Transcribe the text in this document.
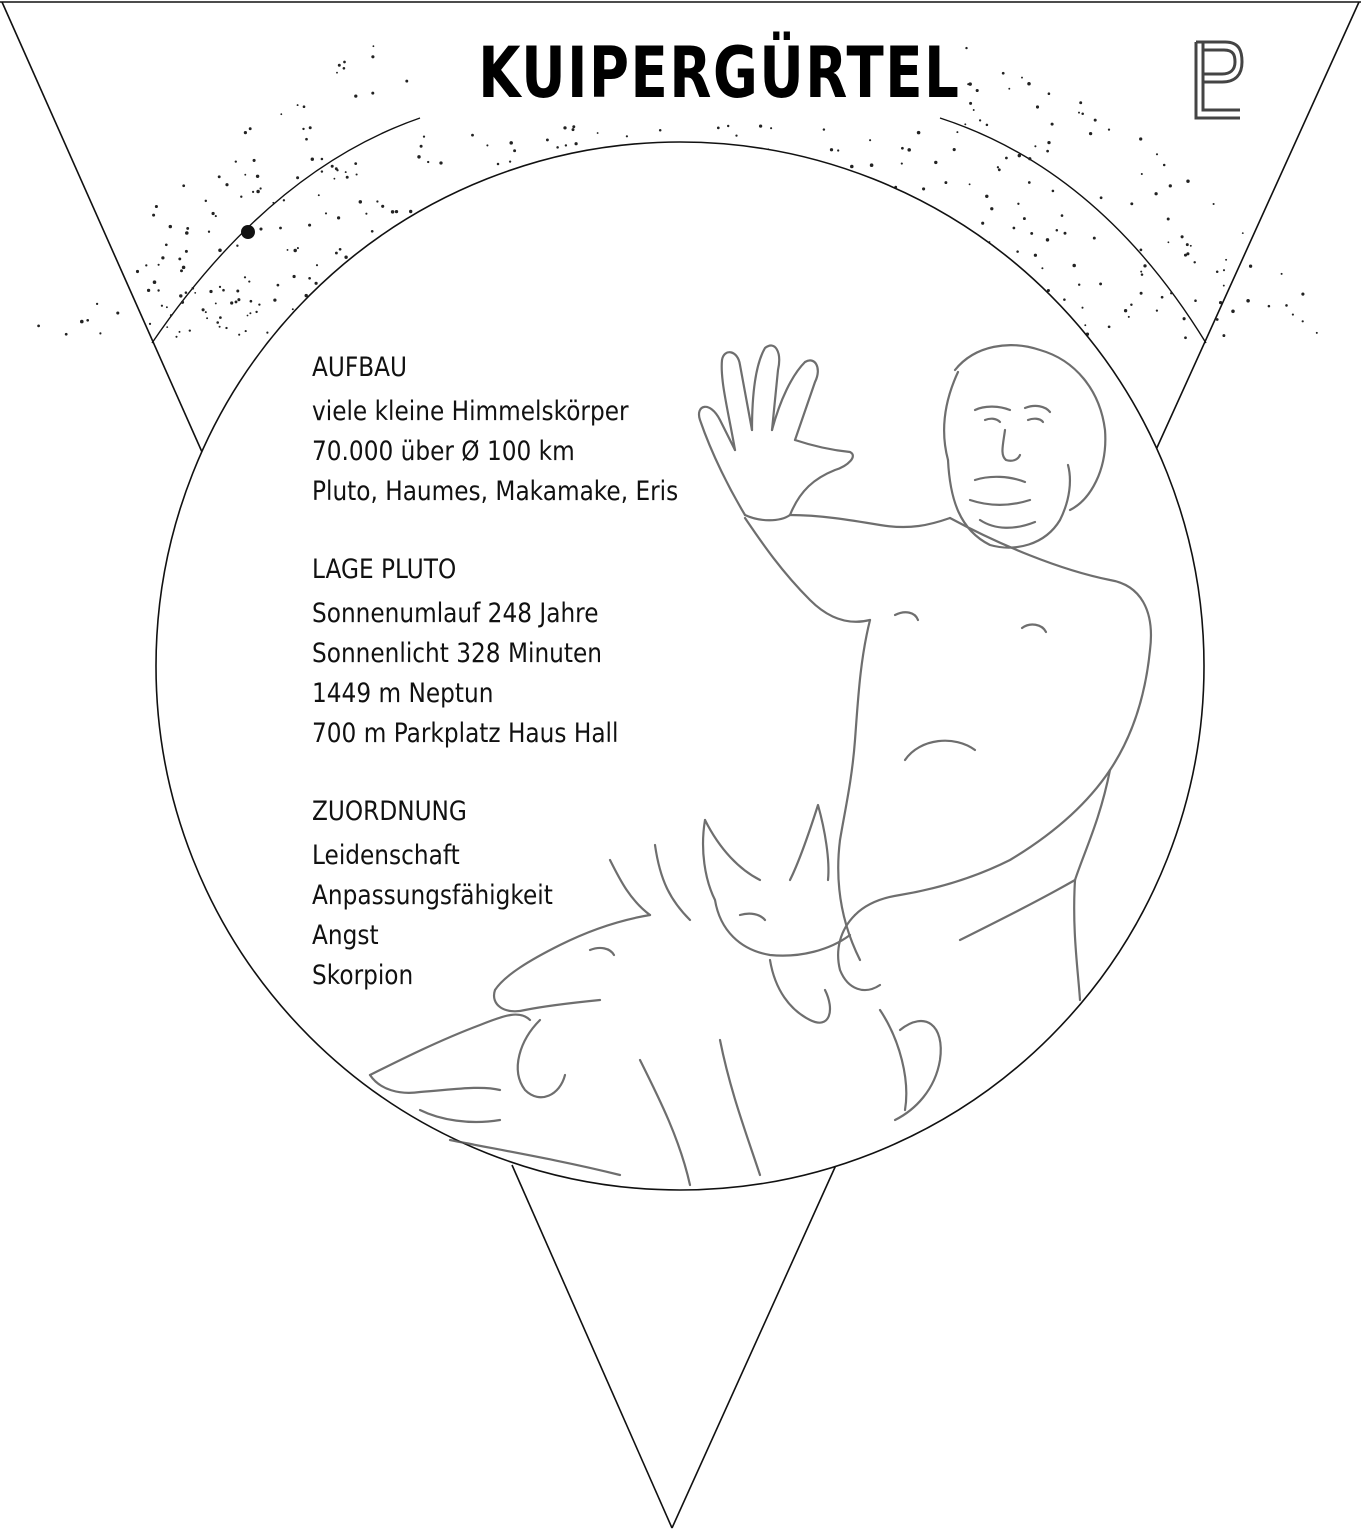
KUIPERGÜRTEL
AUFBAU
viele kleine Himmelskörper
70.000 über Ø 100 km
Pluto, Haumes, Makamake, Eris
LAGE PLUTO
Sonnenumlauf 248 Jahre
Sonnenlicht 328 Minuten
1449 m Neptun
700 m Parkplatz Haus Hall
ZUORDNUNG
Leidenschaft
Anpassungsfähigkeit
Angst
Skorpion
